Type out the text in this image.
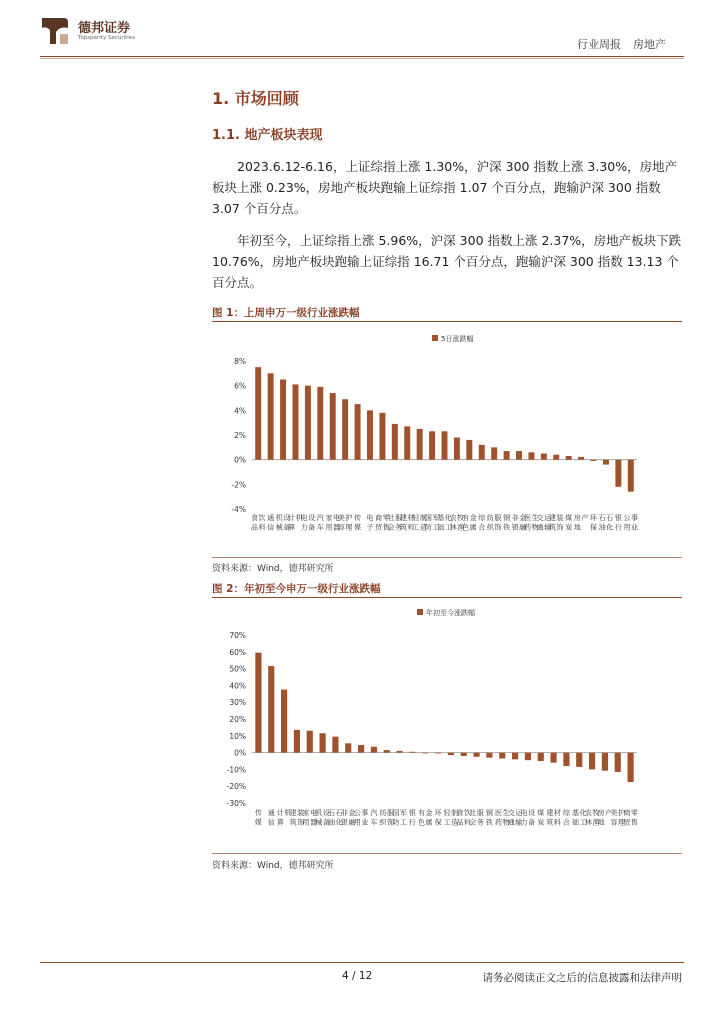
德邦证券
Topsperity Securities	行业周报 房地产
1. 市场回顾
1.1. 地产板块表现

2023.6.12-6.16，上证综指上涨 1.30%，沪深 300 指数上涨 3.30%，房地产板块上涨 0.23%，房地产板块跑输上证综指 1.07 个百分点，跑输沪深 300 指数 3.07 个百分点。

年初至今，上证综指上涨 5.96%，沪深 300 指数上涨 2.37%，房地产板块下跌 10.76%，房地产板块跑输上证综指 16.71 个百分点，跑输沪深 300 指数 13.13 个百分点。

图 1：上周申万一级行业涨跌幅
5日涨跌幅
-4%
-2%
0%
2%
4%
6%
8%
食品饮料
通信
机械设备
计算机
电力设备
汽车
家用电器
美容护理
传媒
电子
商贸零售
社会服务
建筑材料
轻工制造
国防军工
基础化工
农林牧渔
有色金属
综合
纺织服饰
钢铁
非银金融
医药生物
交通运输
建筑装饰
煤炭
房地产 环保
石油石化
银行
公用事业
资料来源：Wind，德邦研究所
图 2：年初至今申万一级行业涨跌幅
年初至今涨跌幅
-30%
-20%
-10%
0%
10%
20%
30%
40%
50%
60%
70%
传媒
通信
计算机
建筑装饰
家用电器
机械设备
石油石化
非银金融
公用事业
汽车
纺织服饰
国防军工
银行
有色金属
环保
轻工制造
食品饮料
社会服务
钢铁
医药生物
交通运输
电力设备
煤炭
建筑材料
综合
基础化工
农林牧渔
房地产
美容护理
商贸零售
资料来源：Wind，德邦研究所
4 / 12	请务必阅读正文之后的信息披露和法律声明
